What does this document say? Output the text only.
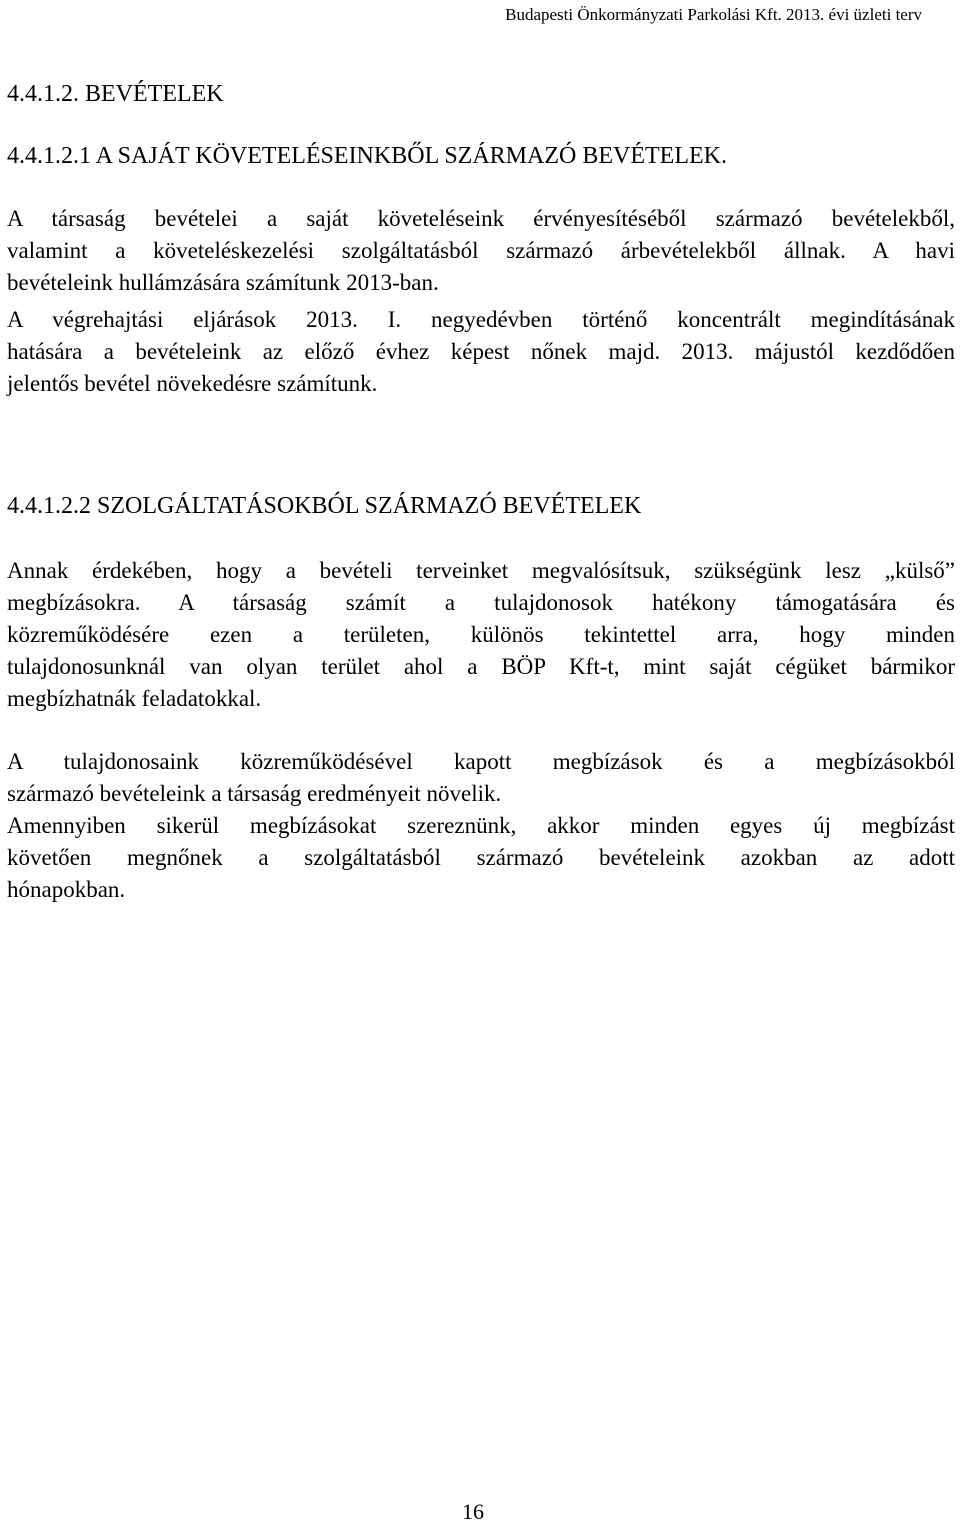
Budapesti Önkormányzati Parkolási Kft. 2013. évi üzleti terv
4.4.1.2. BEVÉTELEK
4.4.1.2.1 A SAJÁT KÖVETELÉSEINKBŐL SZÁRMAZÓ BEVÉTELEK.

A társaság bevételei a saját követeléseink érvényesítéséből származó bevételekből,
valamint a követeléskezelési szolgáltatásból származó árbevételekből állnak. A havi
bevételeink hullámzására számítunk 2013-ban.

A végrehajtási eljárások 2013. I. negyedévben történő koncentrált megindításának
hatására a bevételeink az előző évhez képest nőnek majd. 2013. májustól kezdődően
jelentős bevétel növekedésre számítunk.

4.4.1.2.2 SZOLGÁLTATÁSOKBÓL SZÁRMAZÓ BEVÉTELEK

Annak érdekében, hogy a bevételi terveinket megvalósítsuk, szükségünk lesz „külső”
megbízásokra. A társaság számít a tulajdonosok hatékony támogatására és
közreműködésére ezen a területen, különös tekintettel arra, hogy minden
tulajdonosunknál van olyan terület ahol a BÖP Kft-t, mint saját cégüket bármikor
megbízhatnák feladatokkal.

A tulajdonosaink közreműködésével kapott megbízások és a megbízásokból
származó bevételeink a társaság eredményeit növelik.

Amennyiben sikerül megbízásokat szereznünk, akkor minden egyes új megbízást
követően megnőnek a szolgáltatásból származó bevételeink azokban az adott
hónapokban.

16
